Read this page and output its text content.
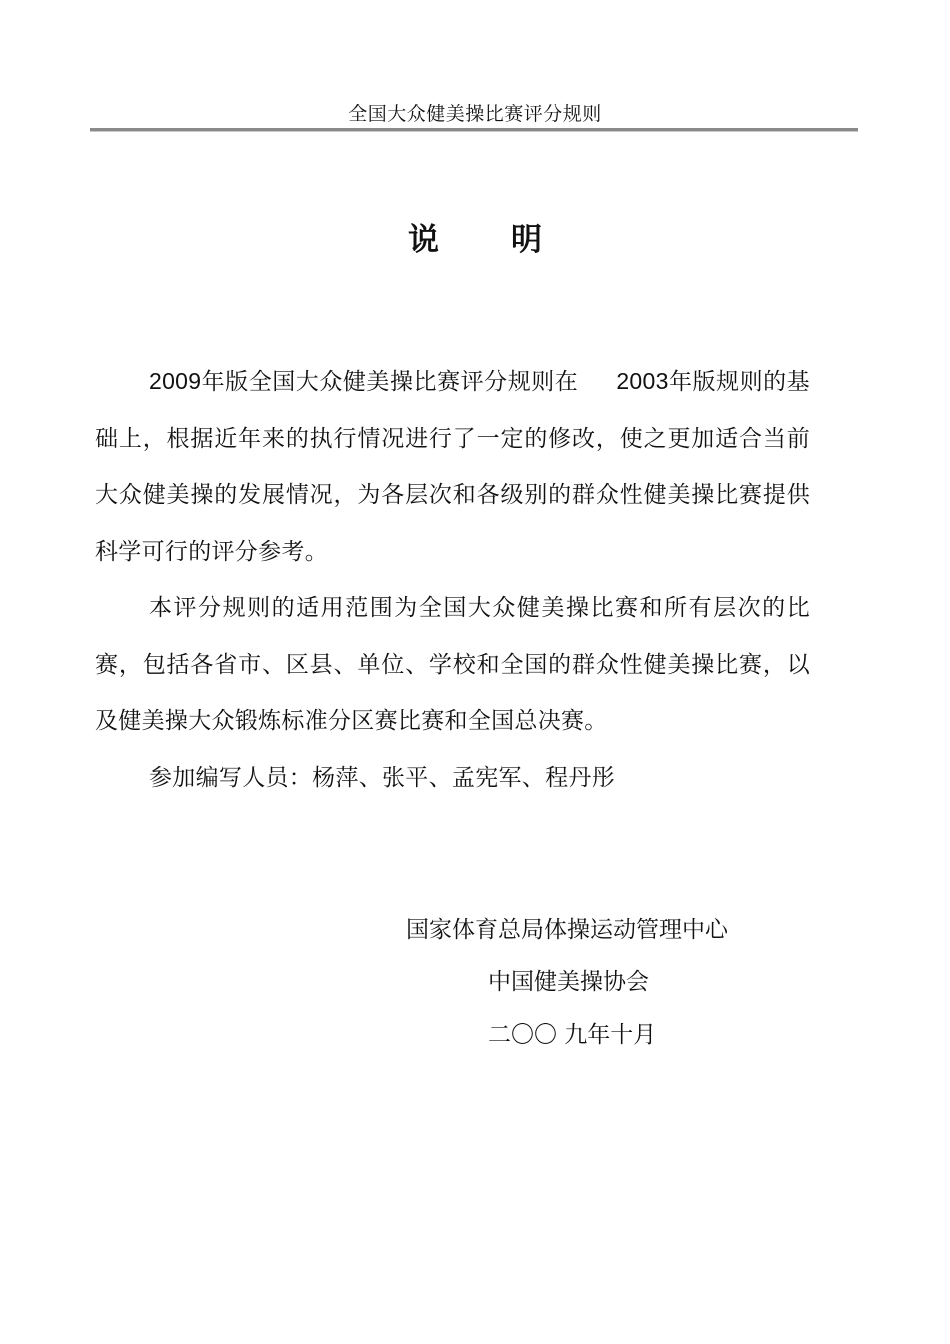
全国大众健美操比赛评分规则
说明

2009年版全国大众健美操比赛评分规则在 2003年版规则的基础上，根据近年来的执行情况进行了一定的修改，使之更加适合当前大众健美操的发展情况，为各层次和各级别的群众性健美操比赛提供科学可行的评分参考。

本评分规则的适用范围为全国大众健美操比赛和所有层次的比赛，包括各省市、区县、单位、学校和全国的群众性健美操比赛，以及健美操大众锻炼标准分区赛比赛和全国总决赛。

参加编写人员：杨萍、张平、孟宪军、程丹彤

国家体育总局体操运动管理中心
中国健美操协会
二〇〇 九年十月
